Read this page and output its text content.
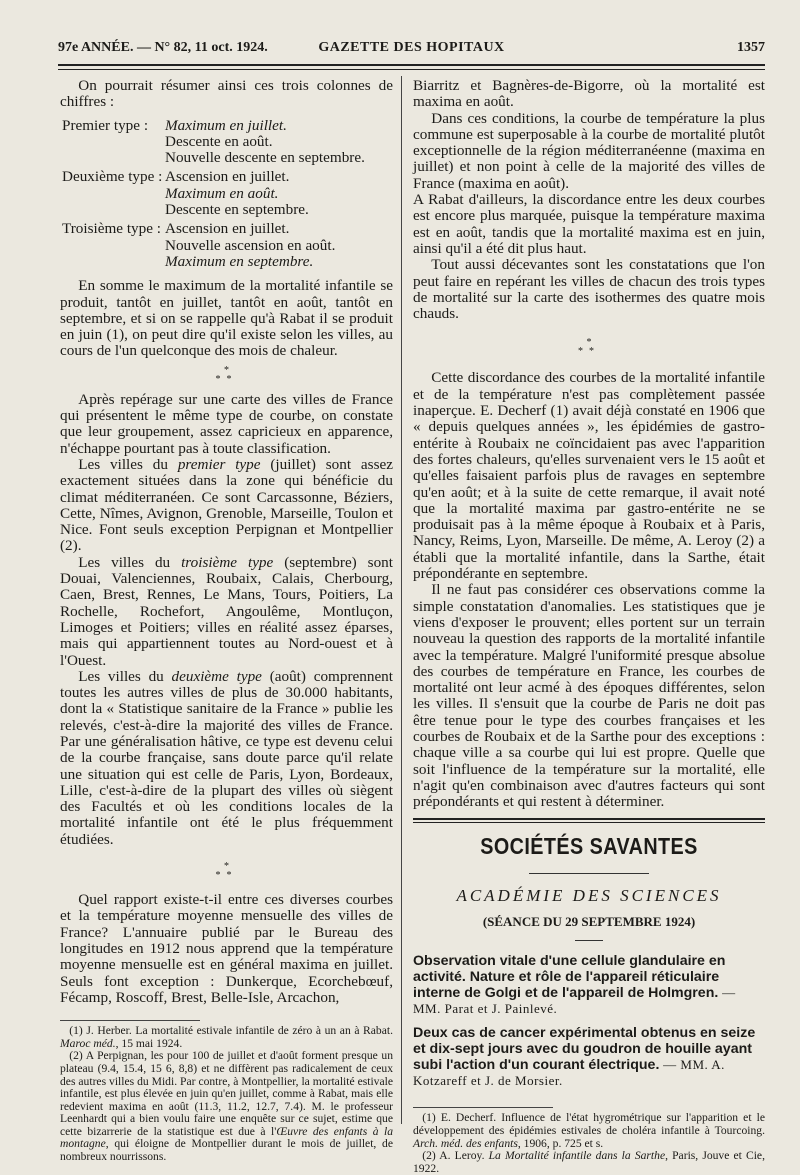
97e ANNÉE. — N° 82, 11 oct. 1924.	GAZETTE DES HOPITAUX	1357

On pourrait résumer ainsi ces trois colonnes de chiffres :

Premier type :	Maximum en juillet.
Descente en août.
Nouvelle descente en septembre.
Deuxième type : Ascension en juillet.
Maximum en août.
Descente en septembre.
Troisième type : Ascension en juillet.
Nouvelle ascension en août.
Maximum en septembre.

En somme le maximum de la mortalité infantile se produit, tantôt en juillet, tantôt en août, tantôt en septembre, et si on se rappelle qu'à Rabat il se produit en juin (1), on peut dire qu'il existe selon les villes, au cours de l'un quelconque des mois de chaleur.

*
**

Après repérage sur une carte des villes de France qui présentent le même type de courbe, on constate que leur groupement, assez capricieux en apparence, n'échappe pourtant pas à toute classification.

Les villes du premier type (juillet) sont assez exactement situées dans la zone qui bénéficie du climat méditerranéen. Ce sont Carcassonne, Béziers, Cette, Nîmes, Avignon, Grenoble, Marseille, Toulon et Nice. Font seuls exception Perpignan et Montpellier (2).

Les villes du troisième type (septembre) sont Douai, Valenciennes, Roubaix, Calais, Cherbourg, Caen, Brest, Rennes, Le Mans, Tours, Poitiers, La Rochelle, Rochefort, Angoulême, Montluçon, Limoges et Poitiers; villes en réalité assez éparses, mais qui appartiennent toutes au Nord-ouest et à l'Ouest.

Les villes du deuxième type (août) comprennent toutes les autres villes de plus de 30.000 habitants, dont la « Statistique sanitaire de la France » publie les relevés, c'est-à-dire la majorité des villes de France. Par une généralisation hâtive, ce type est devenu celui de la courbe française, sans doute parce qu'il relate une situation qui est celle de Paris, Lyon, Bordeaux, Lille, c'est-à-dire de la plupart des villes où siègent des Facultés et où les conditions locales de la mortalité infantile ont été le plus fréquemment étudiées.

*
**

Quel rapport existe-t-il entre ces diverses courbes et la température moyenne mensuelle des villes de France? L'annuaire publié par le Bureau des longitudes en 1912 nous apprend que la température moyenne mensuelle est en général maxima en juillet. Seuls font exception : Dunkerque, Ecorchebœuf, Fécamp, Roscoff, Brest, Belle-Isle, Arcachon,

(1) J. Herber. La mortalité estivale infantile de zéro à un an à Rabat. Maroc méd., 15 mai 1924.

(2) A Perpignan, les pour 100 de juillet et d'août forment presque un plateau (9.4, 15.4, 15 6, 8,8) et ne diffèrent pas radicalement de ceux des autres villes du Midi. Par contre, à Montpellier, la mortalité estivale infantile, est plus élevée en juin qu'en juillet, comme à Rabat, mais elle redevient maxima en août (11.3, 11.2, 12.7, 7.4). M. le professeur Leenhardt qui a bien voulu faire une enquête sur ce sujet, estime que cette bizarrerie de la statistique est due à l'Œuvre des enfants à la montagne, qui éloigne de Montpellier durant le mois de juillet, de nombreux nourrissons.

Biarritz et Bagnères-de-Bigorre, où la mortalité est maxima en août.

Dans ces conditions, la courbe de température la plus commune est superposable à la courbe de mortalité plutôt exceptionnelle de la région méditerranéenne (maxima en juillet) et non point à celle de la majorité des villes de France (maxima en août).

A Rabat d'ailleurs, la discordance entre les deux courbes est encore plus marquée, puisque la température maxima est en août, tandis que la mortalité maxima est en juin, ainsi qu'il a été dit plus haut.

Tout aussi décevantes sont les constatations que l'on peut faire en repérant les villes de chacun des trois types de mortalité sur la carte des isothermes des quatre mois chauds.

*
**

Cette discordance des courbes de la mortalité infantile et de la température n'est pas complètement passée inaperçue. E. Decherf (1) avait déjà constaté en 1906 que « depuis quelques années », les épidémies de gastro-entérite à Roubaix ne coïncidaient pas avec l'apparition des fortes chaleurs, qu'elles survenaient vers le 15 août et qu'elles faisaient parfois plus de ravages en septembre qu'en août; et à la suite de cette remarque, il avait noté que la mortalité maxima par gastro-entérite ne se produisait pas à la même époque à Roubaix et à Paris, Nancy, Reims, Lyon, Marseille. De même, A. Leroy (2) a établi que la mortalité infantile, dans la Sarthe, était prépondérante en septembre.

Il ne faut pas considérer ces observations comme la simple constatation d'anomalies. Les statistiques que je viens d'exposer le prouvent; elles portent sur un terrain nouveau la question des rapports de la mortalité infantile avec la température. Malgré l'uniformité presque absolue des courbes de température en France, les courbes de mortalité ont leur acmé à des époques différentes, selon les villes. Il s'ensuit que la courbe de Paris ne doit pas être tenue pour le type des courbes françaises et les courbes de Roubaix et de la Sarthe pour des exceptions : chaque ville a sa courbe qui lui est propre. Quelle que soit l'influence de la température sur la mortalité, elle n'agit qu'en combinaison avec d'autres facteurs qui sont prépondérants et qui restent à déterminer.

SOCIÉTÉS SAVANTES
ACADÉMIE DES SCIENCES
(SÉANCE DU 29 SEPTEMBRE 1924)

Observation vitale d'une cellule glandulaire en activité. Nature et rôle de l'appareil réticulaire interne de Golgi et de l'appareil de Holmgren. — MM. Parat et J. Painlevé.

Deux cas de cancer expérimental obtenus en seize et dix-sept jours avec du goudron de houille ayant subi l'action d'un courant électrique. — MM. A. Kotzareff et J. de Morsier.

(1) E. Decherf. Influence de l'état hygrométrique sur l'apparition et le développement des épidémies estivales de choléra infantile à Tourcoing. Arch. méd. des enfants, 1906, p. 725 et s.

(2) A. Leroy. La Mortalité infantile dans la Sarthe, Paris, Jouve et Cie, 1922.
